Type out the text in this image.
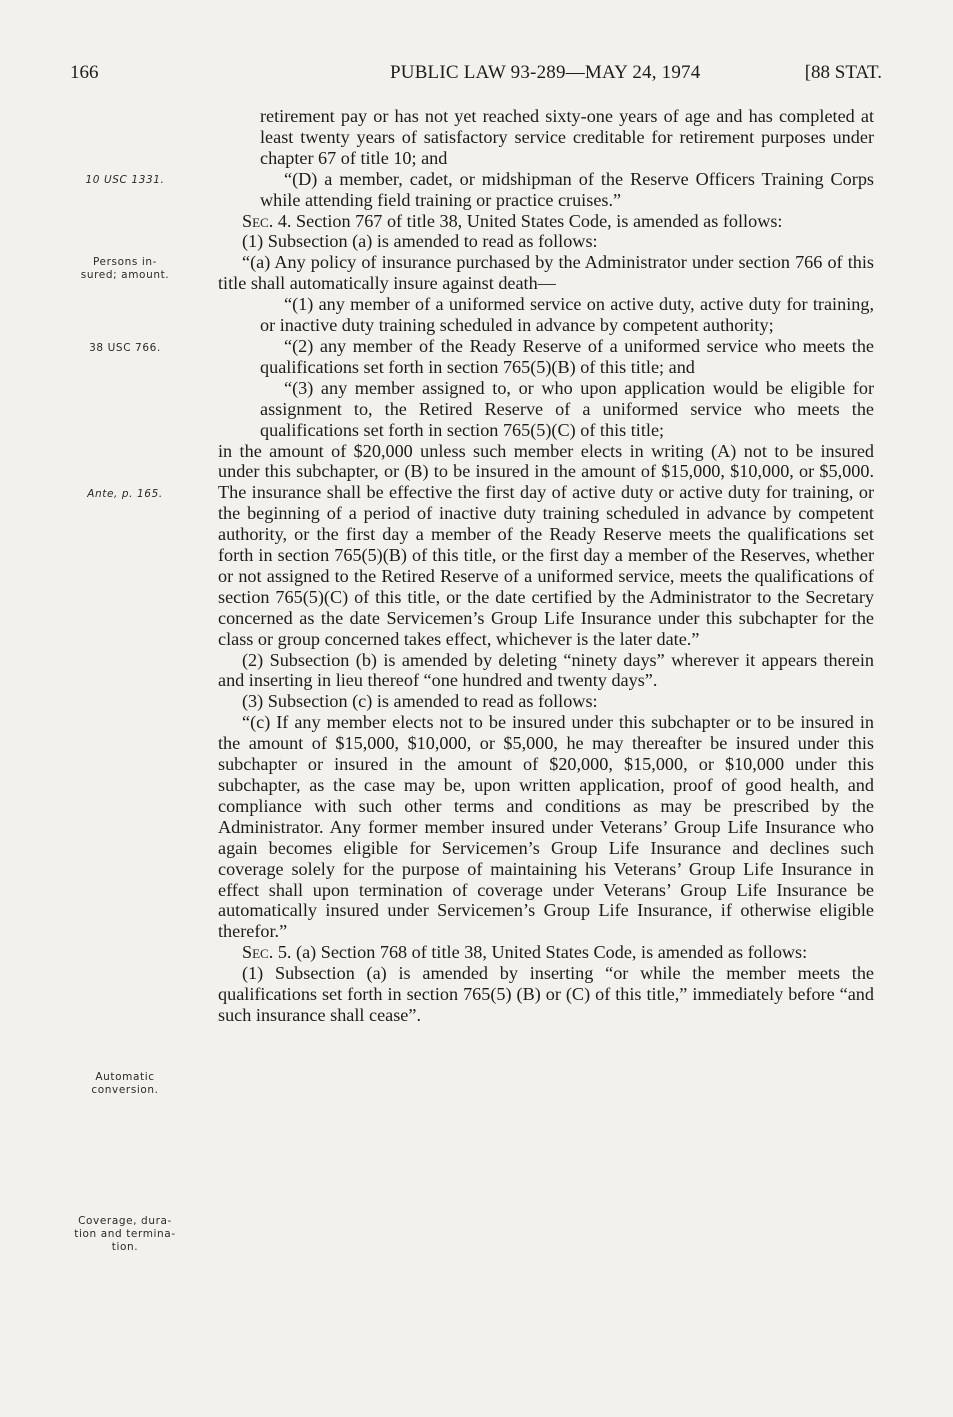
166	PUBLIC LAW 93-289—MAY 24, 1974	[88 STAT.
10 USC 1331.
Persons in-
sured; amount.
38 USC 766.
Ante, p. 165.
Automatic
conversion.
Coverage, dura-
tion and termina-
tion.

retirement pay or has not yet reached sixty-one years of age and has completed at least twenty years of satisfactory service creditable for retirement purposes under chapter 67 of title 10; and

“(D) a member, cadet, or midshipman of the Reserve Officers Training Corps while attending field training or practice cruises.”

Sec. 4. Section 767 of title 38, United States Code, is amended as follows:

(1) Subsection (a) is amended to read as follows:

“(a) Any policy of insurance purchased by the Administrator under section 766 of this title shall automatically insure against death—

“(1) any member of a uniformed service on active duty, active duty for training, or inactive duty training scheduled in advance by competent authority;

“(2) any member of the Ready Reserve of a uniformed service who meets the qualifications set forth in section 765(5)(B) of this title; and

“(3) any member assigned to, or who upon application would be eligible for assignment to, the Retired Reserve of a uniformed service who meets the qualifications set forth in section 765(5)(C) of this title;

in the amount of $20,000 unless such member elects in writing (A) not to be insured under this subchapter, or (B) to be insured in the amount of $15,000, $10,000, or $5,000. The insurance shall be effective the first day of active duty or active duty for training, or the beginning of a period of inactive duty training scheduled in advance by competent authority, or the first day a member of the Ready Reserve meets the qualifications set forth in section 765(5)(B) of this title, or the first day a member of the Reserves, whether or not assigned to the Retired Reserve of a uniformed service, meets the qualifications of section 765(5)(C) of this title, or the date certified by the Administrator to the Secretary concerned as the date Servicemen’s Group Life Insurance under this subchapter for the class or group concerned takes effect, whichever is the later date.”

(2) Subsection (b) is amended by deleting “ninety days” wherever it appears therein and inserting in lieu thereof “one hundred and twenty days”.

(3) Subsection (c) is amended to read as follows:

“(c) If any member elects not to be insured under this subchapter or to be insured in the amount of $15,000, $10,000, or $5,000, he may thereafter be insured under this subchapter or insured in the amount of $20,000, $15,000, or $10,000 under this subchapter, as the case may be, upon written application, proof of good health, and compliance with such other terms and conditions as may be prescribed by the Administrator. Any former member insured under Veterans’ Group Life Insurance who again becomes eligible for Servicemen’s Group Life Insurance and declines such coverage solely for the purpose of maintaining his Veterans’ Group Life Insurance in effect shall upon termination of coverage under Veterans’ Group Life Insurance be automatically insured under Servicemen’s Group Life Insurance, if otherwise eligible therefor.”

Sec. 5. (a) Section 768 of title 38, United States Code, is amended as follows:

(1) Subsection (a) is amended by inserting “or while the member meets the qualifications set forth in section 765(5) (B) or (C) of this title,” immediately before “and such insurance shall cease”.
